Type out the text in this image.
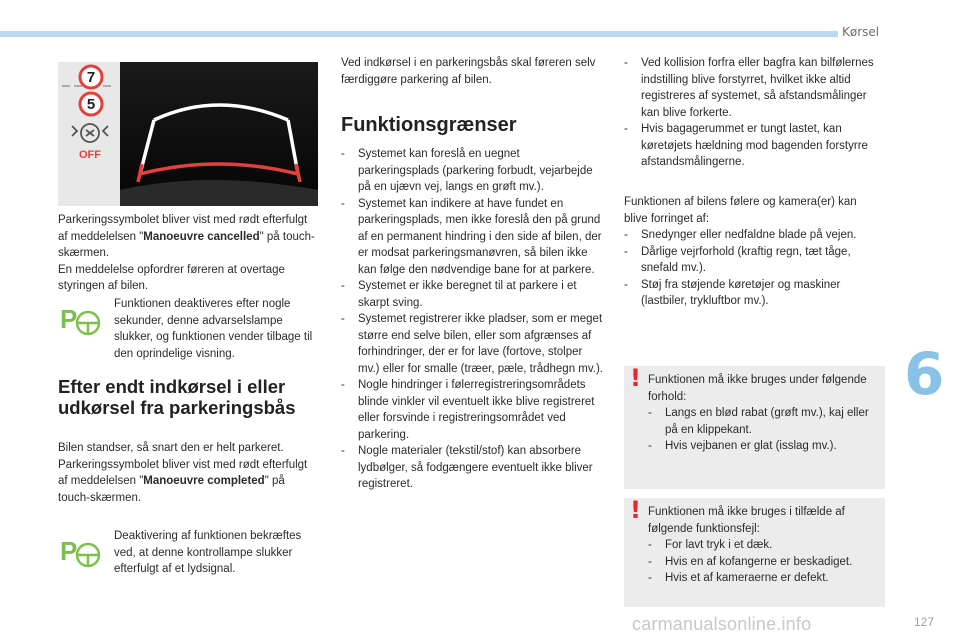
Kørsel
6
carmanualsonline.info	127
7
5
OFF

Parkeringssymbolet bliver vist med rødt efterfulgt af meddelelsen "Manoeuvre cancelled" på touch-skærmen.

En meddelelse opfordrer føreren at overtage styringen af bilen.

P	Funktionen deaktiveres efter nogle sekunder, denne advarselslampe slukker, og funktionen vender tilbage til den oprindelige visning.
Efter endt indkørsel i eller udkørsel fra parkeringsbås

Bilen standser, så snart den er helt parkeret. Parkeringssymbolet bliver vist med rødt efterfulgt af meddelelsen "Manoeuvre completed" på touch-skærmen.

P	Deaktivering af funktionen bekræftes ved, at denne kontrollampe slukker efterfulgt af et lydsignal.
Ved indkørsel i en parkeringsbås skal føreren selv færdiggøre parkering af bilen.
Funktionsgrænser
- Systemet kan foreslå en uegnet parkeringsplads (parkering forbudt, vejarbejde på en ujævn vej, langs en grøft mv.).
- Systemet kan indikere at have fundet en parkeringsplads, men ikke foreslå den på grund af en permanent hindring i den side af bilen, der er modsat parkeringsmanøvren, så bilen ikke kan følge den nødvendige bane for at parkere.
- Systemet er ikke beregnet til at parkere i et skarpt sving.
- Systemet registrerer ikke pladser, som er meget større end selve bilen, eller som afgrænses af forhindringer, der er for lave (fortove, stolper mv.) eller for smalle (træer, pæle, trådhegn mv.).
- Nogle hindringer i følerregistreringsområdets blinde vinkler vil eventuelt ikke blive registreret eller forsvinde i registreringsområdet ved parkering.
- Nogle materialer (tekstil/stof) kan absorbere lydbølger, så fodgængere eventuelt ikke bliver registreret.
- Ved kollision forfra eller bagfra kan bilfølernes indstilling blive forstyrret, hvilket ikke altid registreres af systemet, så afstandsmålinger kan blive forkerte.
- Hvis bagagerummet er tungt lastet, kan køretøjets hældning mod bagenden forstyrre afstandsmålingerne.

Funktionen af bilens følere og kamera(er) kan blive forringet af:

- Snedynger eller nedfaldne blade på vejen.
- Dårlige vejrforhold (kraftig regn, tæt tåge, snefald mv.).
- Støj fra støjende køretøjer og maskiner (lastbiler, trykluftbor mv.).
! Funktionen må ikke bruges under følgende forhold:

- Langs en blød rabat (grøft mv.), kaj eller på en klippekant.
- Hvis vejbanen er glat (isslag mv.).
! Funktionen må ikke bruges i tilfælde af følgende funktionsfejl:

- For lavt tryk i et dæk.
- Hvis en af kofangerne er beskadiget.
- Hvis et af kameraerne er defekt.
